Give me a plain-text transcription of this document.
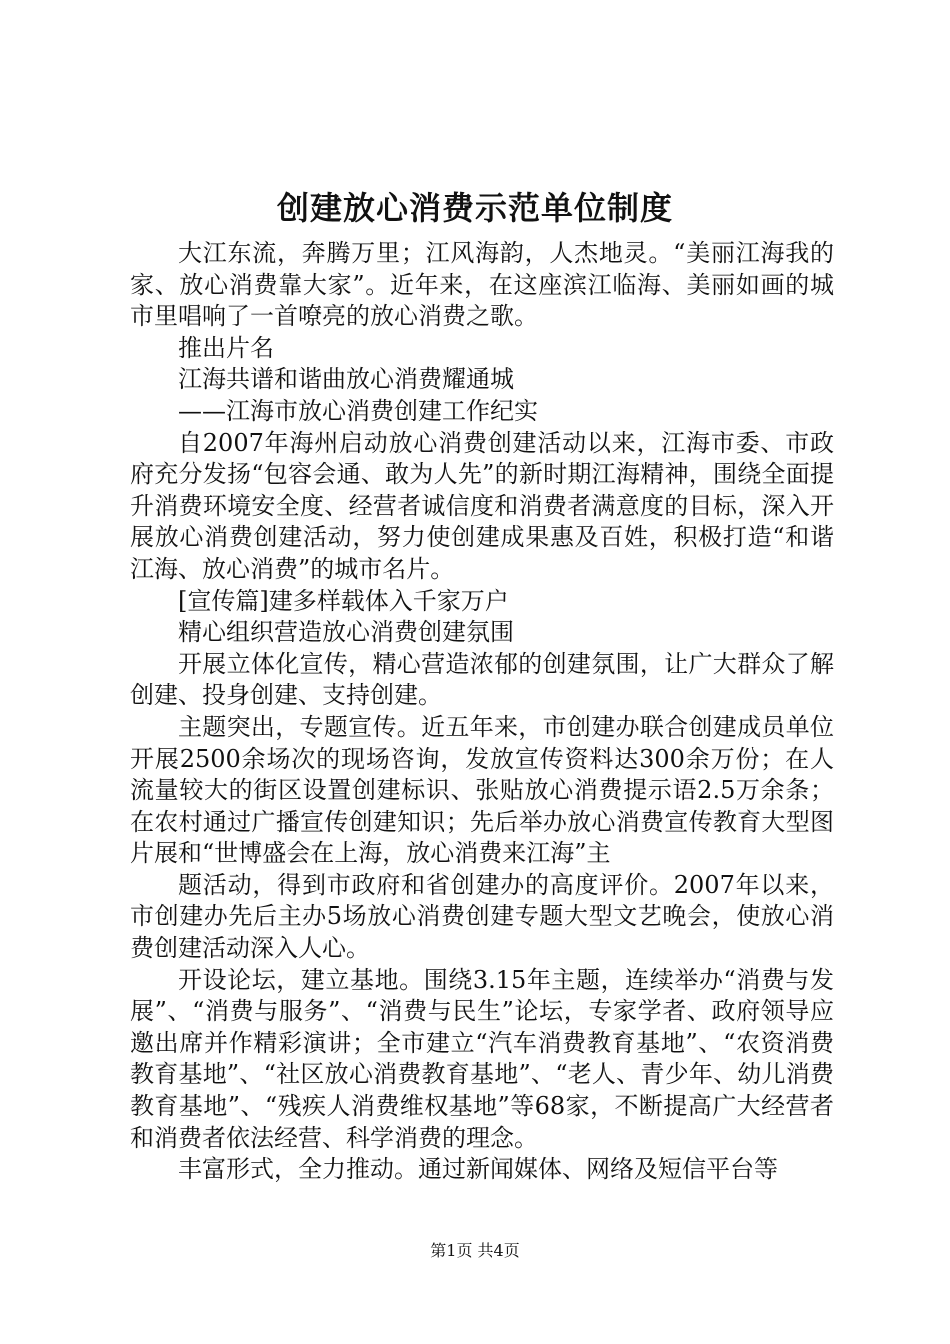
创建放心消费示范单位制度

大江东流，奔腾万里；江风海韵，人杰地灵。“美丽江海我的家、放心消费靠大家”。近年来，在这座滨江临海、美丽如画的城市里唱响了一首嘹亮的放心消费之歌。

推出片名

江海共谱和谐曲放心消费耀通城

——江海市放心消费创建工作纪实

自2007年海州启动放心消费创建活动以来，江海市委、市政府充分发扬“包容会通、敢为人先”的新时期江海精神，围绕全面提升消费环境安全度、经营者诚信度和消费者满意度的目标，深入开展放心消费创建活动，努力使创建成果惠及百姓，积极打造“和谐江海、放心消费”的城市名片。

[宣传篇]建多样载体入千家万户

精心组织营造放心消费创建氛围

开展立体化宣传，精心营造浓郁的创建氛围，让广大群众了解创建、投身创建、支持创建。

主题突出，专题宣传。近五年来，市创建办联合创建成员单位开展2500余场次的现场咨询，发放宣传资料达300余万份；在人流量较大的街区设置创建标识、张贴放心消费提示语2.5万余条；在农村通过广播宣传创建知识；先后举办放心消费宣传教育大型图片展和“世博盛会在上海，放心消费来江海”主

题活动，得到市政府和省创建办的高度评价。2007年以来，市创建办先后主办5场放心消费创建专题大型文艺晚会，使放心消费创建活动深入人心。

开设论坛，建立基地。围绕3.15年主题，连续举办“消费与发展”、“消费与服务”、“消费与民生”论坛，专家学者、政府领导应邀出席并作精彩演讲；全市建立“汽车消费教育基地”、“农资消费教育基地”、“社区放心消费教育基地”、“老人、青少年、幼儿消费教育基地”、“残疾人消费维权基地”等68家，不断提高广大经营者和消费者依法经营、科学消费的理念。

丰富形式，全力推动。通过新闻媒体、网络及短信平台等

第1页 共4页
